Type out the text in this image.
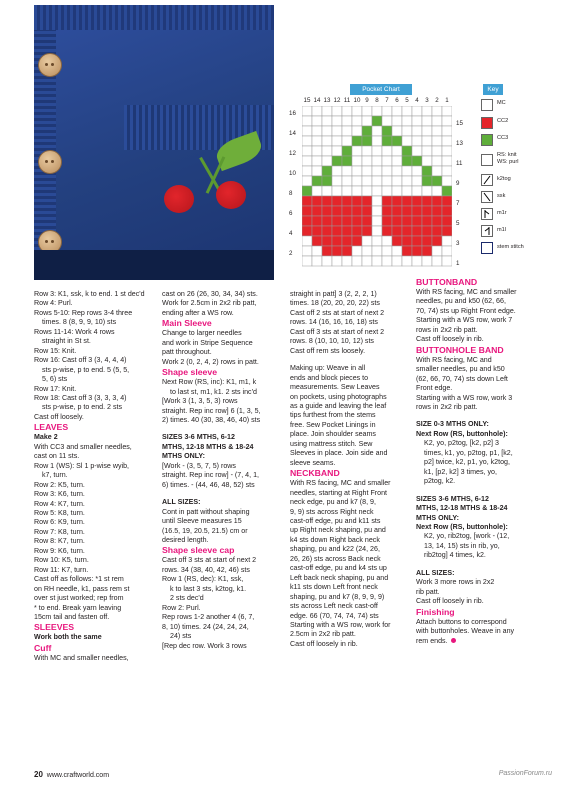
Pocket Chart
15 14 13 12 11 10 9	8	7	6	5	4	3	2	1
16
14
12
10
8
6
4
2
15
13
11
9
7
5
3
1
Key
MC
CC2
CC3
RS: knit

WS: purl
k2tog
ssk
m1r
m1l
stem stitch

Row 3: K1, ssk, k to end. 1 st dec'd

Row 4: Purl.

Rows 5-10: Rep rows 3-4 three

times. 8 (8, 9, 9, 10) sts

Rows 11-14: Work 4 rows

straight in St st.

Row 15: Knit.

Row 16: Cast off 3 (3, 4, 4, 4)

sts p-wise, p to end. 5 (5, 5,

5, 6) sts

Row 17: Knit.

Row 18: Cast off 3 (3, 3, 3, 4)

sts p-wise, p to end. 2 sts

Cast off loosely.

LEAVES

Make 2

With CC3 and smaller needles,

cast on 11 sts.

Row 1 (WS): Sl 1 p-wise wyib,

k7, turn.

Row 2: K5, turn.

Row 3: K6, turn.

Row 4: K7, turn.

Row 5: K8, turn.

Row 6: K9, turn.

Row 7: K8, turn.

Row 8: K7, turn.

Row 9: K6, turn.

Row 10: K5, turn.

Row 11: K7, turn.

Cast off as follows: *1 st rem

on RH needle, k1, pass rem st

over st just worked; rep from

* to end. Break yarn leaving

15cm tail and fasten off.

SLEEVES

Work both the same

Cuff

With MC and smaller needles,

cast on 26 (26, 30, 34, 34) sts.

Work for 2.5cm in 2x2 rib patt,

ending after a WS row.

Main Sleeve

Change to larger needles

and work in Stripe Sequence

patt throughout.

Work 2 (0, 2, 4, 2) rows in patt.

Shape sleeve

Next Row (RS, inc): K1, m1, k

to last st, m1, k1. 2 sts inc'd

[Work 3 (1, 3, 5, 3) rows

straight. Rep inc row] 6 (1, 3, 5,

2) times. 40 (30, 38, 46, 40) sts

SIZES 3-6 MTHS, 6-12

MTHS, 12-18 MTHS & 18-24

MTHS ONLY:

[Work - (3, 5, 7, 5) rows

straight. Rep inc row] - (7, 4, 1,

6) times. - (44, 46, 48, 52) sts

ALL SIZES:

Cont in patt without shaping

until Sleeve measures 15

(16.5, 19, 20.5, 21.5) cm or

desired length.

Shape sleeve cap

Cast off 3 sts at start of next 2

rows. 34 (38, 40, 42, 46) sts

Row 1 (RS, dec): K1, ssk,

k to last 3 sts, k2tog, k1.

2 sts dec'd

Row 2: Purl.

Rep rows 1-2 another 4 (6, 7,

8, 10) times. 24 (24, 24, 24,

24) sts

[Rep dec row. Work 3 rows

straight in patt] 3 (2, 2, 2, 1)

times. 18 (20, 20, 20, 22) sts

Cast off 2 sts at start of next 2

rows. 14 (16, 16, 16, 18) sts

Cast off 3 sts at start of next 2

rows. 8 (10, 10, 10, 12) sts

Cast off rem sts loosely.

Making up: Weave in all

ends and block pieces to

measurements. Sew Leaves

on pockets, using photographs

as a guide and leaving the leaf

tips furthest from the stems

free. Sew Pocket Linings in

place. Join shoulder seams

using mattress stitch. Sew

Sleeves in place. Join side and

sleeve seams.

NECKBAND

With RS facing, MC and smaller

needles, starting at Right Front

neck edge, pu and k7 (8, 9,

9, 9) sts across Right neck

cast-off edge, pu and k11 sts

up Right neck shaping, pu and

k4 sts down Right back neck

shaping, pu and k22 (24, 26,

26, 26) sts across Back neck

cast-off edge, pu and k4 sts up

Left back neck shaping, pu and

k11 sts down Left front neck

shaping, pu and k7 (8, 9, 9, 9)

sts across Left neck cast-off

edge. 66 (70, 74, 74, 74) sts

Starting with a WS row, work for

2.5cm in 2x2 rib patt.

Cast off loosely in rib.

BUTTONBAND

With RS facing, MC and smaller

needles, pu and k50 (62, 66,

70, 74) sts up Right Front edge.

Starting with a WS row, work 7

rows in 2x2 rib patt.

Cast off loosely in rib.

BUTTONHOLE BAND

With RS facing, MC and

smaller needles, pu and k50

(62, 66, 70, 74) sts down Left

Front edge.

Starting with a WS row, work 3

rows in 2x2 rib patt.

SIZE 0-3 MTHS ONLY:

Next Row (RS, buttonhole):

K2, yo, p2tog, [k2, p2] 3

times, k1, yo, p2tog, p1, [k2,

p2] twice, k2, p1, yo, k2tog,

k1, [p2, k2] 3 times, yo,

p2tog, k2.

SIZES 3-6 MTHS, 6-12

MTHS, 12-18 MTHS & 18-24

MTHS ONLY:

Next Row (RS, buttonhole):

K2, yo, rib2tog, [work - (12,

13, 14, 15) sts in rib, yo,

rib2tog] 4 times, k2.

ALL SIZES:

Work 3 more rows in 2x2

rib patt.

Cast off loosely in rib.

Finishing

Attach buttons to correspond

with buttonholes. Weave in any

rem ends.

20 www.craftworld.com	PassionForum.ru
